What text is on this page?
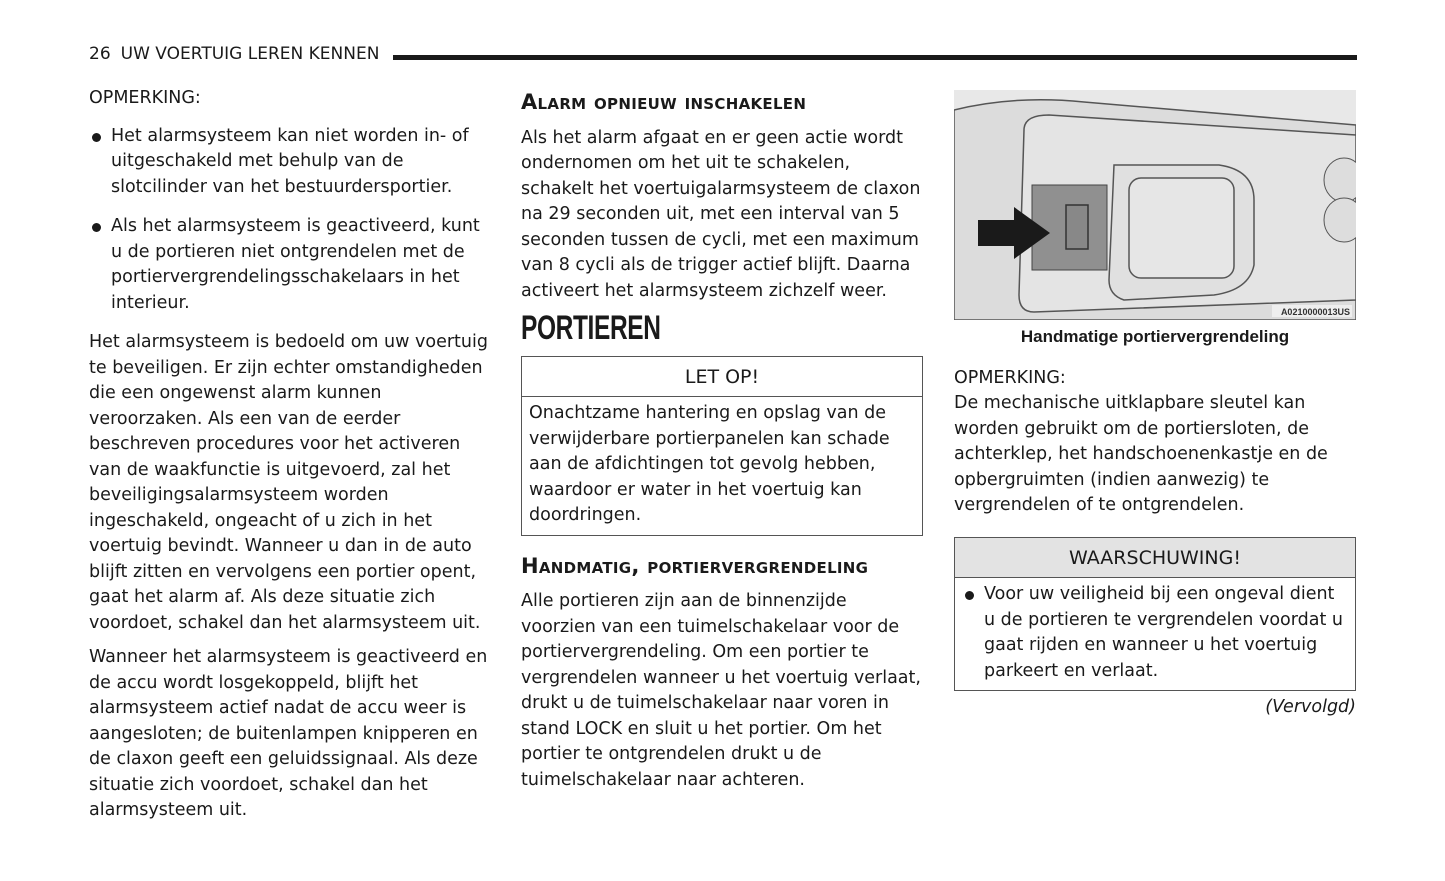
26 UW VOERTUIG LEREN KENNEN

OPMERKING:

Het alarmsysteem kan niet worden in- of uitgeschakeld met behulp van de slotcilinder van het bestuurdersportier.
Als het alarmsysteem is geactiveerd, kunt u de portieren niet ontgrendelen met de portiervergrendelingsschakelaars in het interieur.

Het alarmsysteem is bedoeld om uw voertuig te beveiligen. Er zijn echter omstandigheden die een ongewenst alarm kunnen veroorzaken. Als een van de eerder beschreven procedures voor het activeren van de waakfunctie is uitgevoerd, zal het beveiligingsalarmsysteem worden ingeschakeld, ongeacht of u zich in het voertuig bevindt. Wanneer u dan in de auto blijft zitten en vervolgens een portier opent, gaat het alarm af. Als deze situatie zich voordoet, schakel dan het alarmsysteem uit.

Wanneer het alarmsysteem is geactiveerd en de accu wordt losgekoppeld, blijft het alarmsysteem actief nadat de accu weer is aangesloten; de buitenlampen knipperen en de claxon geeft een geluidssignaal. Als deze situatie zich voordoet, schakel dan het alarmsysteem uit.

Alarm opnieuw inschakelen

Als het alarm afgaat en er geen actie wordt ondernomen om het uit te schakelen, schakelt het voertuigalarmsysteem de claxon na 29 seconden uit, met een interval van 5 seconden tussen de cycli, met een maximum van 8 cycli als de trigger actief blijft. Daarna activeert het alarmsysteem zichzelf weer.

PORTIEREN
LET OP!
Onachtzame hantering en opslag van de verwijderbare portierpanelen kan schade aan de afdichtingen tot gevolg hebben, waardoor er water in het voertuig kan doordringen.
Handmatig, portiervergrendeling

Alle portieren zijn aan de binnenzijde voorzien van een tuimelschakelaar voor de portiervergrendeling. Om een portier te vergrendelen wanneer u het voertuig verlaat, drukt u de tuimelschakelaar naar voren in stand LOCK en sluit u het portier. Om het portier te ontgrendelen drukt u de tuimelschakelaar naar achteren.

A0210000013US
Handmatige portiervergrendeling

OPMERKING:

De mechanische uitklapbare sleutel kan worden gebruikt om de portiersloten, de achterklep, het handschoenenkastje en de opbergruimten (indien aanwezig) te vergrendelen of te ontgrendelen.

WAARSCHUWING!
Voor uw veiligheid bij een ongeval dient u de portieren te vergrendelen voordat u gaat rijden en wanneer u het voertuig parkeert en verlaat.
(Vervolgd)
